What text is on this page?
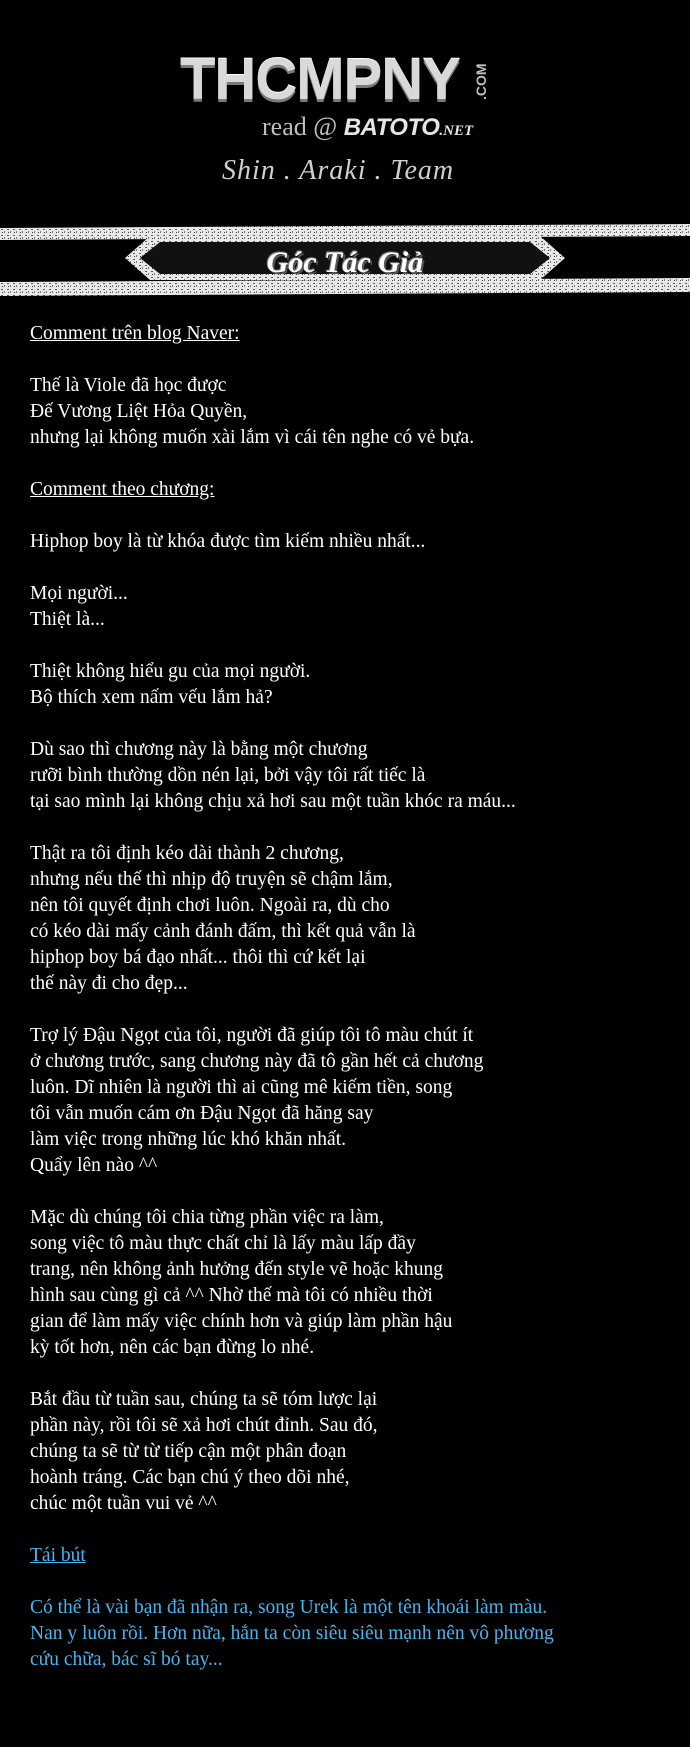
THCMPNY .COM
read @ BATOTO.NET
Shin . Araki . Team
Góc Tác Giả

Comment trên blog Naver:

Thế là Viole đã học được
Đế Vương Liệt Hỏa Quyền,
nhưng lại không muốn xài lắm vì cái tên nghe có vẻ bựa.

Comment theo chương:

Hiphop boy là từ khóa được tìm kiếm nhiều nhất...

Mọi người...
Thiệt là...

Thiệt không hiểu gu của mọi người.
Bộ thích xem nấm vếu lắm hả?

Dù sao thì chương này là bằng một chương
rưỡi bình thường dồn nén lại, bởi vậy tôi rất tiếc là
tại sao mình lại không chịu xả hơi sau một tuần khóc ra máu...

Thật ra tôi định kéo dài thành 2 chương,
nhưng nếu thế thì nhịp độ truyện sẽ chậm lắm,
nên tôi quyết định chơi luôn. Ngoài ra, dù cho
có kéo dài mấy cảnh đánh đấm, thì kết quả vẫn là
hiphop boy bá đạo nhất... thôi thì cứ kết lại
thế này đi cho đẹp...

Trợ lý Đậu Ngọt của tôi, người đã giúp tôi tô màu chút ít
ở chương trước, sang chương này đã tô gần hết cả chương
luôn. Dĩ nhiên là người thì ai cũng mê kiếm tiền, song
tôi vẫn muốn cám ơn Đậu Ngọt đã hăng say
làm việc trong những lúc khó khăn nhất.
Quẩy lên nào ^^

Mặc dù chúng tôi chia từng phần việc ra làm,
song việc tô màu thực chất chỉ là lấy màu lấp đầy
trang, nên không ảnh hưởng đến style vẽ hoặc khung
hình sau cùng gì cả ^^ Nhờ thế mà tôi có nhiều thời
gian để làm mấy việc chính hơn và giúp làm phần hậu
kỳ tốt hơn, nên các bạn đừng lo nhé.

Bắt đầu từ tuần sau, chúng ta sẽ tóm lược lại
phần này, rồi tôi sẽ xả hơi chút đỉnh. Sau đó,
chúng ta sẽ từ từ tiếp cận một phân đoạn
hoành tráng. Các bạn chú ý theo dõi nhé,
chúc một tuần vui vẻ ^^

Tái bút

Có thể là vài bạn đã nhận ra, song Urek là một tên khoái làm màu.
Nan y luôn rồi. Hơn nữa, hắn ta còn siêu siêu mạnh nên vô phương
cứu chữa, bác sĩ bó tay...
